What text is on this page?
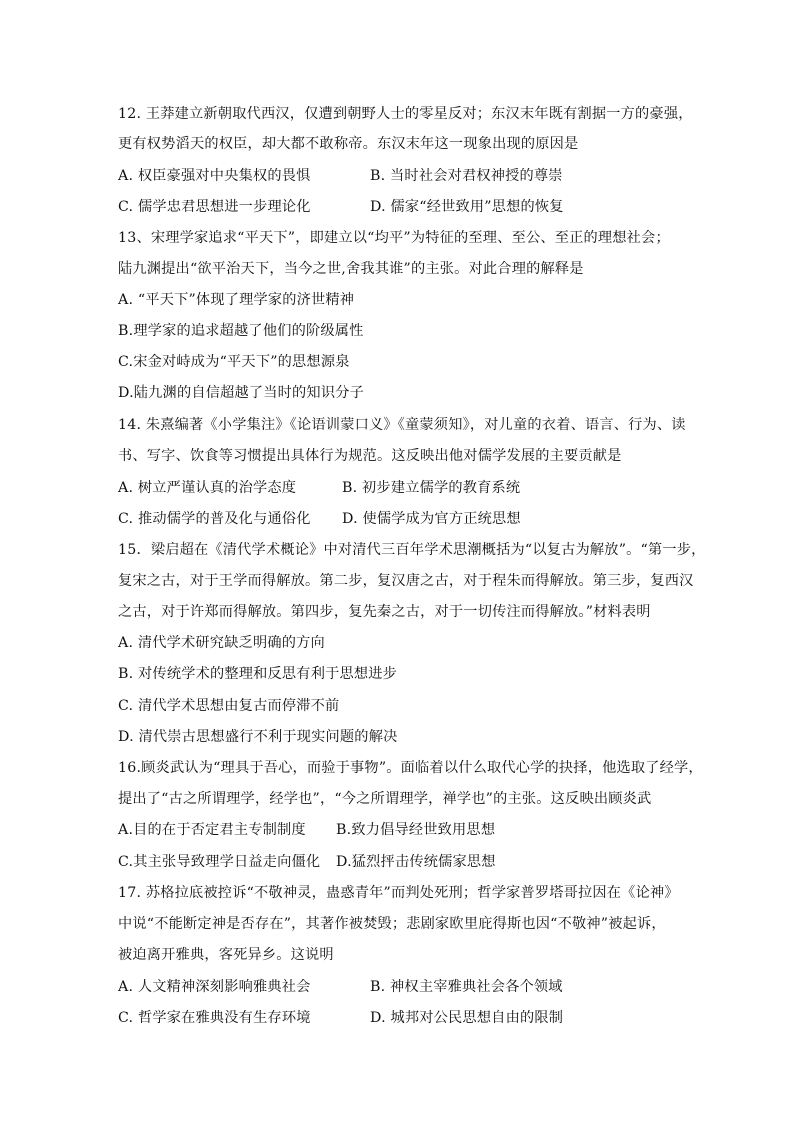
12. 王莽建立新朝取代西汉，仅遭到朝野人士的零星反对；东汉末年既有割据一方的豪强，
更有权势滔天的权臣，却大都不敢称帝。东汉末年这一现象出现的原因是
A. 权臣豪强对中央集权的畏惧	B. 当时社会对君权神授的尊崇
C. 儒学忠君思想进一步理论化	D. 儒家“经世致用”思想的恢复
13、宋理学家追求“平天下”，即建立以“均平”为特征的至理、至公、至正的理想社会；
陆九渊提出“欲平治天下，当今之世,舍我其谁”的主张。对此合理的解释是
A. “平天下”体现了理学家的济世精神
B.理学家的追求超越了他们的阶级属性
C.宋金对峙成为“平天下”的思想源泉
D.陆九渊的自信超越了当时的知识分子
14. 朱熹编著《小学集注》《论语训蒙口义》《童蒙须知》，对儿童的衣着、语言、行为、读
书、写字、饮食等习惯提出具体行为规范。这反映出他对儒学发展的主要贡献是
A. 树立严谨认真的治学态度	B. 初步建立儒学的教育系统
C. 推动儒学的普及化与通俗化 D. 使儒学成为官方正统思想
15．梁启超在《清代学术概论》中对清代三百年学术思潮概括为“以复古为解放”。“第一步，
复宋之古，对于王学而得解放。第二步，复汉唐之古，对于程朱而得解放。第三步，复西汉
之古，对于许郑而得解放。第四步，复先秦之古，对于一切传注而得解放。”材料表明
A. 清代学术研究缺乏明确的方向
B. 对传统学术的整理和反思有利于思想进步
C. 清代学术思想由复古而停滞不前
D. 清代崇古思想盛行不利于现实问题的解决
16.顾炎武认为“理具于吾心，而验于事物”。面临着以什么取代心学的抉择，他选取了经学，
提出了“古之所谓理学，经学也”，“今之所谓理学，禅学也”的主张。这反映出顾炎武
A.目的在于否定君主专制制度 B.致力倡导经世致用思想
C.其主张导致理学日益走向僵化 D.猛烈抨击传统儒家思想
17. 苏格拉底被控诉“不敬神灵，蛊惑青年”而判处死刑；哲学家普罗塔哥拉因在《论神》
中说“不能断定神是否存在”，其著作被焚毁；悲剧家欧里庇得斯也因“不敬神”被起诉，
被迫离开雅典，客死异乡。这说明
A. 人文精神深刻影响雅典社会	B. 神权主宰雅典社会各个领域
C. 哲学家在雅典没有生存环境	D. 城邦对公民思想自由的限制
